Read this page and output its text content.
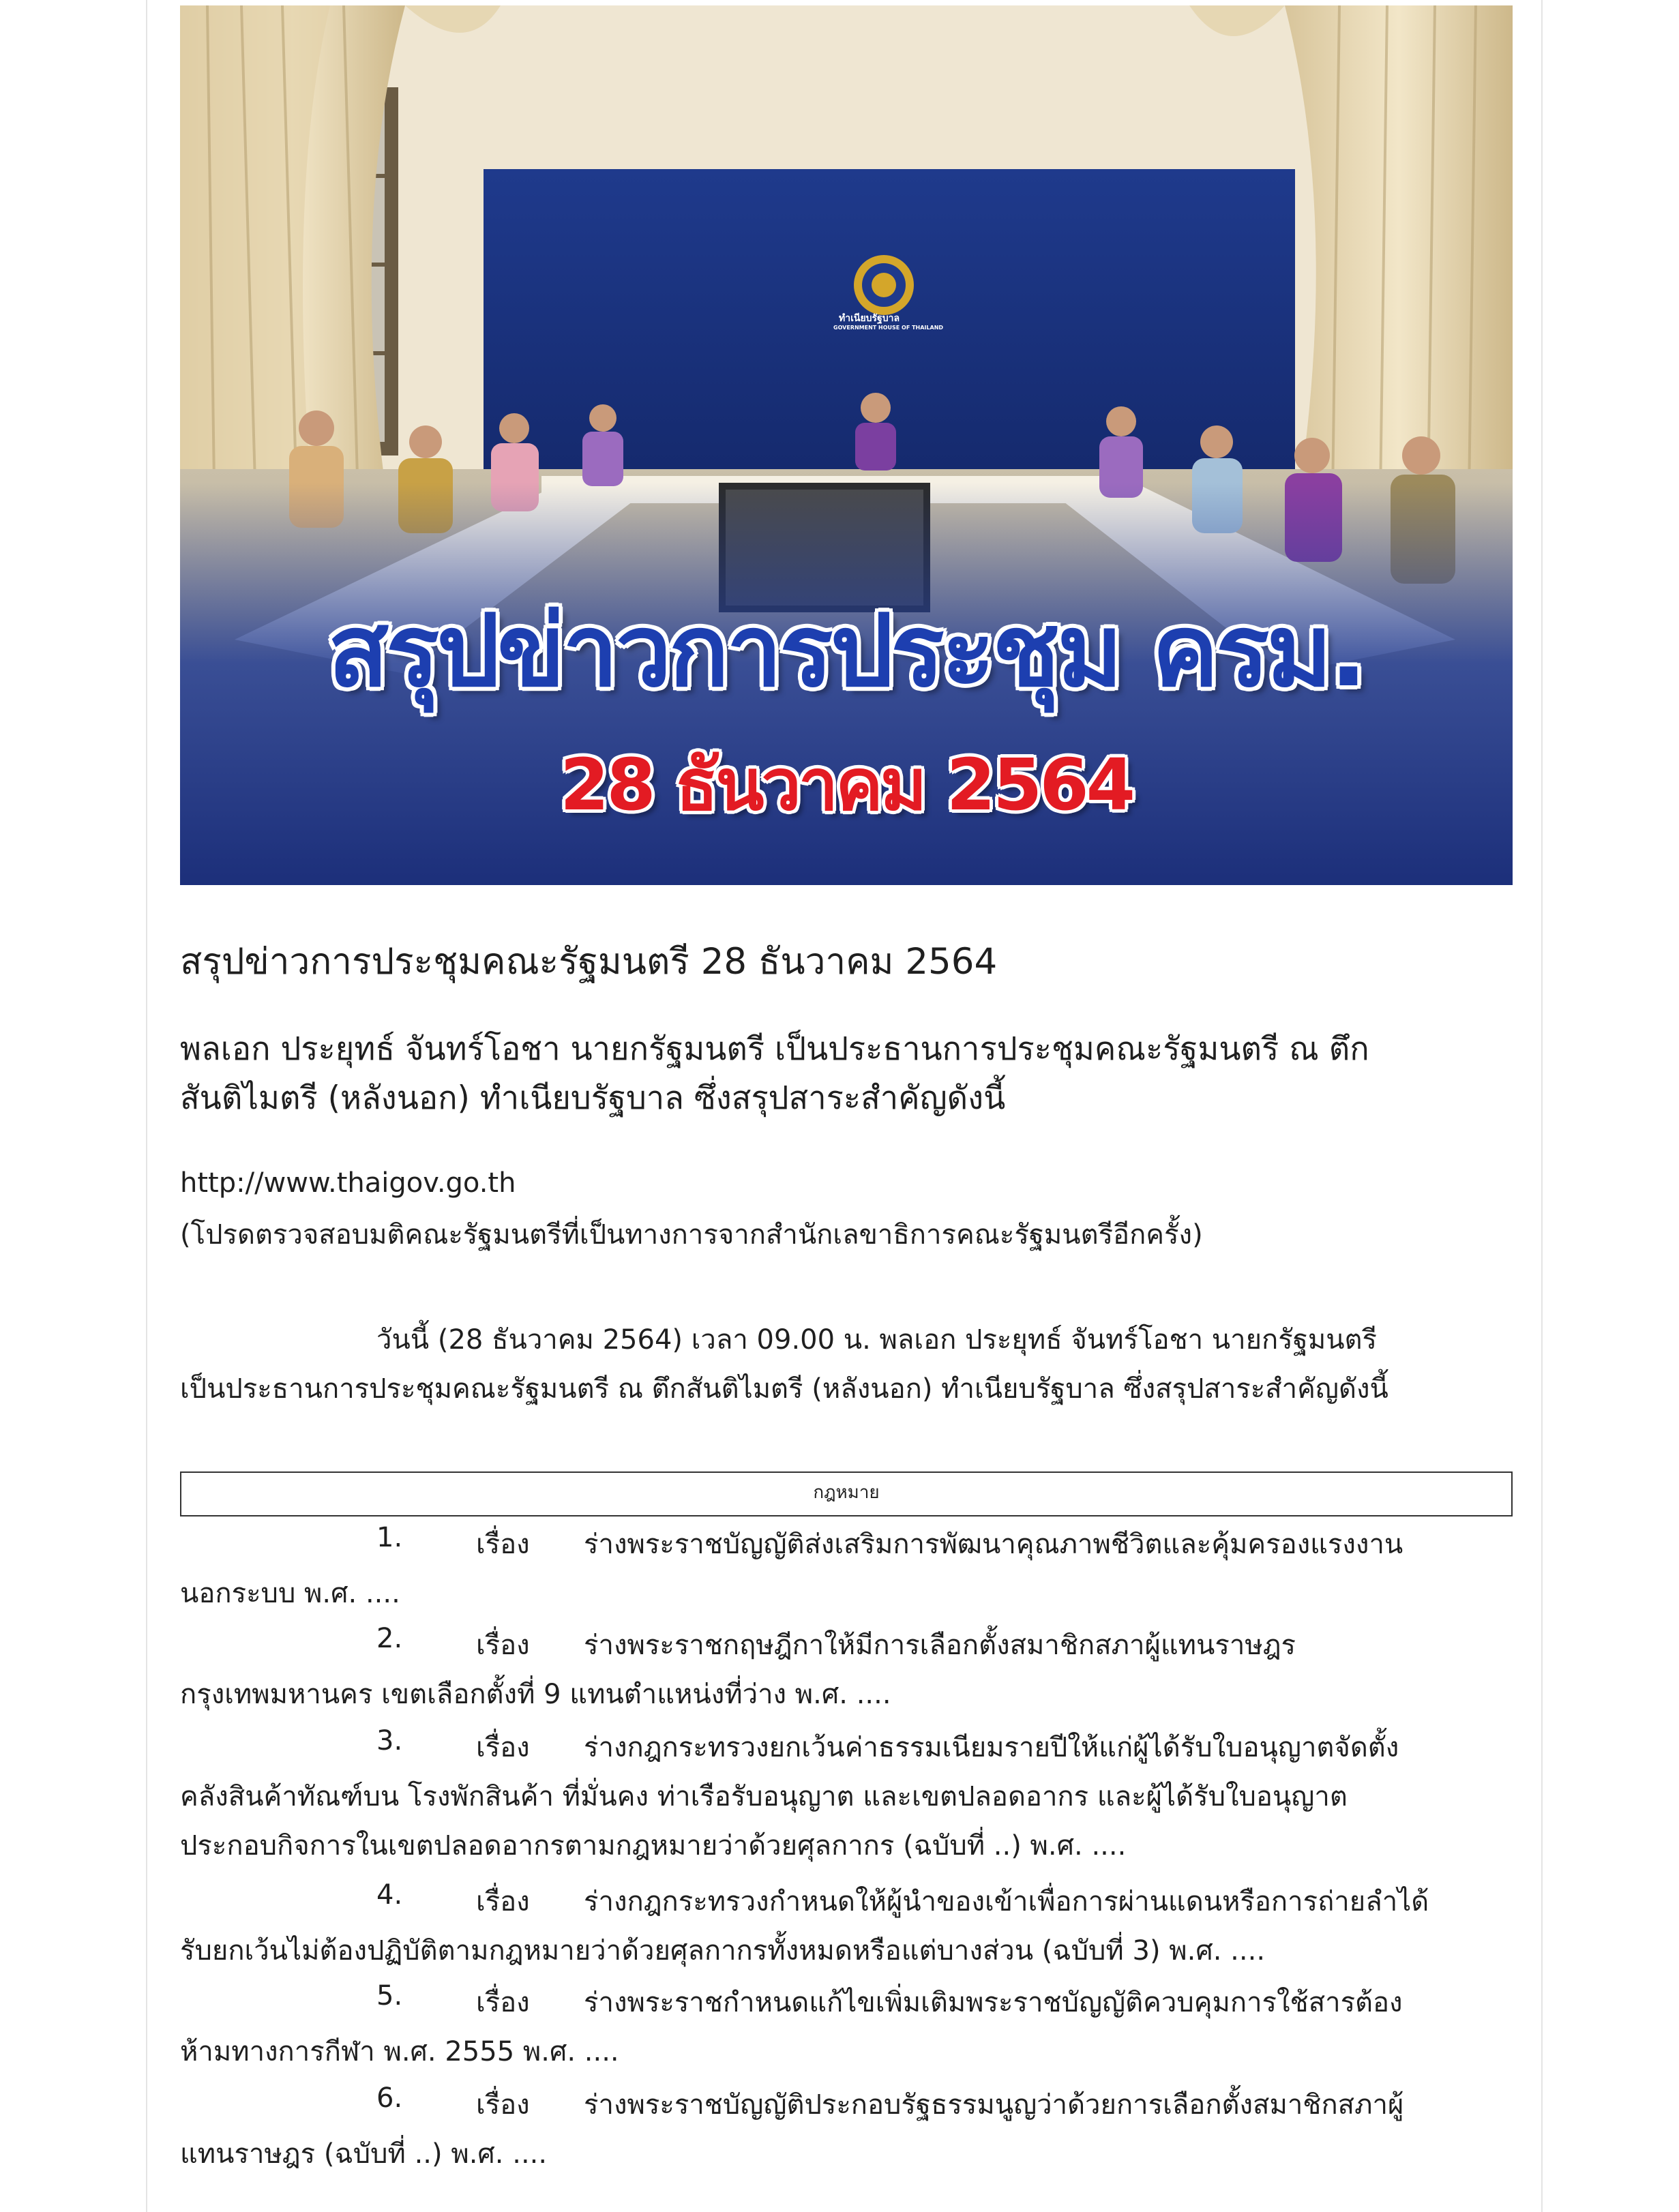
ทำเนียบรัฐบาล
GOVERNMENT HOUSE OF THAILAND
สรุปข่าวการประชุม ครม.
28 ธันวาคม 2564
สรุปข่าวการประชุมคณะรัฐมนตรี 28 ธันวาคม 2564
พลเอก ประยุทธ์ จันทร์โอชา นายกรัฐมนตรี เป็นประธานการประชุมคณะรัฐมนตรี ณ ตึก
สันติไมตรี (หลังนอก) ทำเนียบรัฐบาล ซึ่งสรุปสาระสำคัญดังนี้
http://www.thaigov.go.th
(โปรดตรวจสอบมติคณะรัฐมนตรีที่เป็นทางการจากสำนักเลขาธิการคณะรัฐมนตรีอีกครั้ง)
วันนี้ (28 ธันวาคม 2564) เวลา 09.00 น. พลเอก ประยุทธ์ จันทร์โอชา นายกรัฐมนตรี
เป็นประธานการประชุมคณะรัฐมนตรี ณ ตึกสันติไมตรี (หลังนอก) ทำเนียบรัฐบาล ซึ่งสรุปสาระสำคัญดังนี้
กฎหมาย
1.	เรื่อง ร่างพระราชบัญญัติส่งเสริมการพัฒนาคุณภาพชีวิตและคุ้มครองแรงงาน
นอกระบบ พ.ศ. ....
2.	เรื่อง ร่างพระราชกฤษฎีกาให้มีการเลือกตั้งสมาชิกสภาผู้แทนราษฎร
กรุงเทพมหานคร เขตเลือกตั้งที่ 9 แทนตำแหน่งที่ว่าง พ.ศ. ....
3.	เรื่อง ร่างกฎกระทรวงยกเว้นค่าธรรมเนียมรายปีให้แก่ผู้ได้รับใบอนุญาตจัดตั้ง
คลังสินค้าทัณฑ์บน โรงพักสินค้า ที่มั่นคง ท่าเรือรับอนุญาต และเขตปลอดอากร และผู้ได้รับใบอนุญาต
ประกอบกิจการในเขตปลอดอากรตามกฎหมายว่าด้วยศุลกากร (ฉบับที่ ..) พ.ศ. ....
4.	เรื่อง ร่างกฎกระทรวงกำหนดให้ผู้นำของเข้าเพื่อการผ่านแดนหรือการถ่ายลำได้
รับยกเว้นไม่ต้องปฏิบัติตามกฎหมายว่าด้วยศุลกากรทั้งหมดหรือแต่บางส่วน (ฉบับที่ 3) พ.ศ. ....
5.	เรื่อง ร่างพระราชกำหนดแก้ไขเพิ่มเติมพระราชบัญญัติควบคุมการใช้สารต้อง
ห้ามทางการกีฬา พ.ศ. 2555 พ.ศ. ....
6.	เรื่อง ร่างพระราชบัญญัติประกอบรัฐธรรมนูญว่าด้วยการเลือกตั้งสมาชิกสภาผู้
แทนราษฎร (ฉบับที่ ..) พ.ศ. ....
